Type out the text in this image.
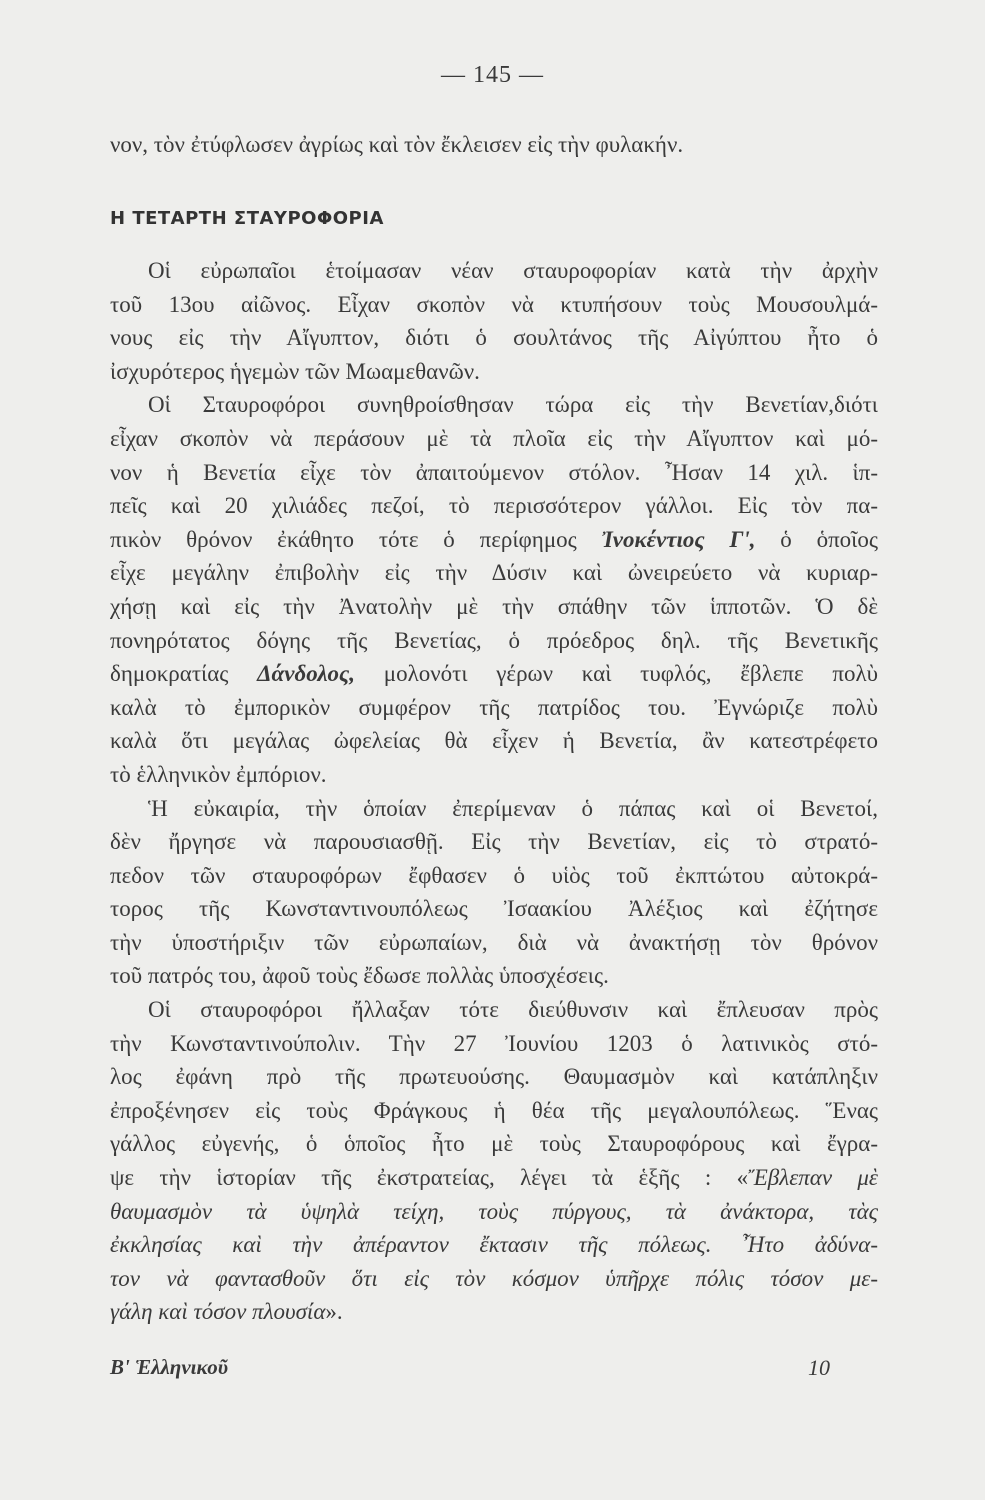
— 145 —
νον, τὸν ἐτύφλωσεν ἀγρίως καὶ τὸν ἔκλεισεν εἰς τὴν φυλακήν.
Η ΤΕΤΑΡΤΗ ΣΤΑΥΡΟΦΟΡΙΑ
Οἱ εὐρωπαῖοι ἑτοίμασαν νέαν σταυροφορίαν κατὰ τὴν ἀρχὴν
τοῦ 13ου αἰῶνος. Εἶχαν σκοπὸν νὰ κτυπήσουν τοὺς Μουσουλμά-
νους εἰς τὴν Αἴγυπτον, διότι ὁ σουλτάνος τῆς Αἰγύπτου ἦτο ὁ
ἰσχυρότερος ἡγεμὼν τῶν Μωαμεθανῶν.
Οἱ Σταυροφόροι συνηθροίσθησαν τώρα εἰς τὴν Βενετίαν,διότι
εἶχαν σκοπὸν νὰ περάσουν μὲ τὰ πλοῖα εἰς τὴν Αἴγυπτον καὶ μό-
νον ἡ Βενετία εἶχε τὸν ἀπαιτούμενον στόλον. Ἦσαν 14 χιλ. ἱπ-
πεῖς καὶ 20 χιλιάδες πεζοί, τὸ περισσότερον γάλλοι. Εἰς τὸν πα-
πικὸν θρόνον ἐκάθητο τότε ὁ περίφημος Ἰνοκέντιος Γ', ὁ ὁποῖος
εἶχε μεγάλην ἐπιβολὴν εἰς τὴν Δύσιν καὶ ὠνειρεύετο νὰ κυριαρ-
χήσῃ καὶ εἰς τὴν Ἀνατολὴν μὲ τὴν σπάθην τῶν ἱπποτῶν. Ὁ δὲ
πονηρότατος δόγης τῆς Βενετίας, ὁ πρόεδρος δηλ. τῆς Βενετικῆς
δημοκρατίας Δάνδολος, μολονότι γέρων καὶ τυφλός, ἔβλεπε πολὺ
καλὰ τὸ ἐμπορικὸν συμφέρον τῆς πατρίδος του. Ἐγνώριζε πολὺ
καλὰ ὅτι μεγάλας ὠφελείας θὰ εἶχεν ἡ Βενετία, ἂν κατεστρέφετο
τὸ ἑλληνικὸν ἐμπόριον.
Ἡ εὐκαιρία, τὴν ὁποίαν ἐπερίμεναν ὁ πάπας καὶ οἱ Βενετοί,
δὲν ἤργησε νὰ παρουσιασθῇ. Εἰς τὴν Βενετίαν, εἰς τὸ στρατό-
πεδον τῶν σταυροφόρων ἔφθασεν ὁ υἱὸς τοῦ ἐκπτώτου αὐτοκρά-
τορος τῆς Κωνσταντινουπόλεως Ἰσαακίου Ἀλέξιος καὶ ἐζήτησε
τὴν ὑποστήριξιν τῶν εὐρωπαίων, διὰ νὰ ἀνακτήσῃ τὸν θρόνον
τοῦ πατρός του, ἀφοῦ τοὺς ἔδωσε πολλὰς ὑποσχέσεις.
Οἱ σταυροφόροι ἤλλαξαν τότε διεύθυνσιν καὶ ἔπλευσαν πρὸς
τὴν Κωνσταντινούπολιν. Τὴν 27 Ἰουνίου 1203 ὁ λατινικὸς στό-
λος ἐφάνη πρὸ τῆς πρωτευούσης. Θαυμασμὸν καὶ κατάπληξιν
ἐπροξένησεν εἰς τοὺς Φράγκους ἡ θέα τῆς μεγαλουπόλεως. Ἕνας
γάλλος εὐγενής, ὁ ὁποῖος ἦτο μὲ τοὺς Σταυροφόρους καὶ ἔγρα-
ψε τὴν ἱστορίαν τῆς ἐκστρατείας, λέγει τὰ ἑξῆς : «Ἔβλεπαν μὲ
θαυμασμὸν τὰ ὑψηλὰ τείχη, τοὺς πύργους, τὰ ἀνάκτορα, τὰς
ἐκκλησίας καὶ τὴν ἀπέραντον ἔκτασιν τῆς πόλεως. Ἦτο ἀδύνα-
τον νὰ φαντασθοῦν ὅτι εἰς τὸν κόσμον ὑπῆρχε πόλις τόσον με-
γάλη καὶ τόσον πλουσία».
Β' Ἑλληνικοῦ	10
